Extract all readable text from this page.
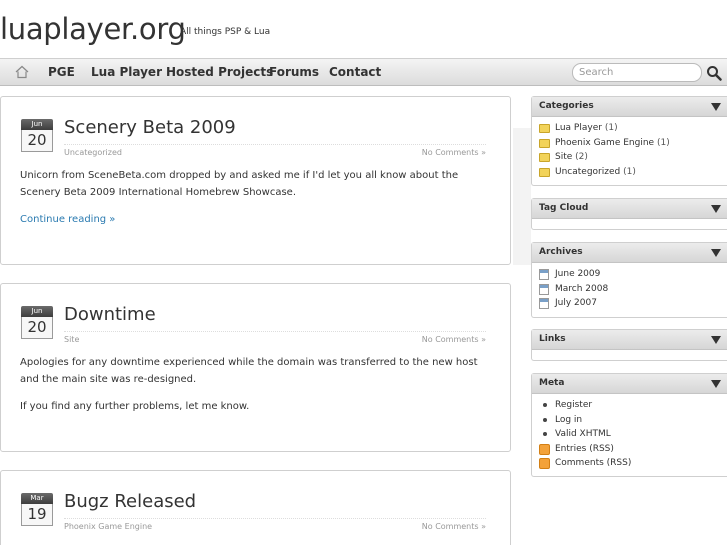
luaplayer.org
All things PSP & Lua
PGE Lua Player Hosted Projects
Forums Contact
Search
Jun
20
Scenery Beta 2009
Uncategorized	No Comments »

Unicorn from SceneBeta.com dropped by and asked me if I'd let you all know about the Scenery Beta 2009 International Homebrew Showcase.

Continue reading »

Jun
20
Downtime
Site	No Comments »

Apologies for any downtime experienced while the domain was transferred to the new host and the main site was re-designed.

If you find any further problems, let me know.

Mar
19
Bugz Released
Phoenix Game Engine	No Comments »
Categories
Lua Player (1)
Phoenix Game Engine (1)
Site (2)
Uncategorized (1)
Tag Cloud
Archives
June 2009
March 2008
July 2007
Links
Meta
Register
Log in
Valid XHTML
Entries (RSS)
Comments (RSS)
